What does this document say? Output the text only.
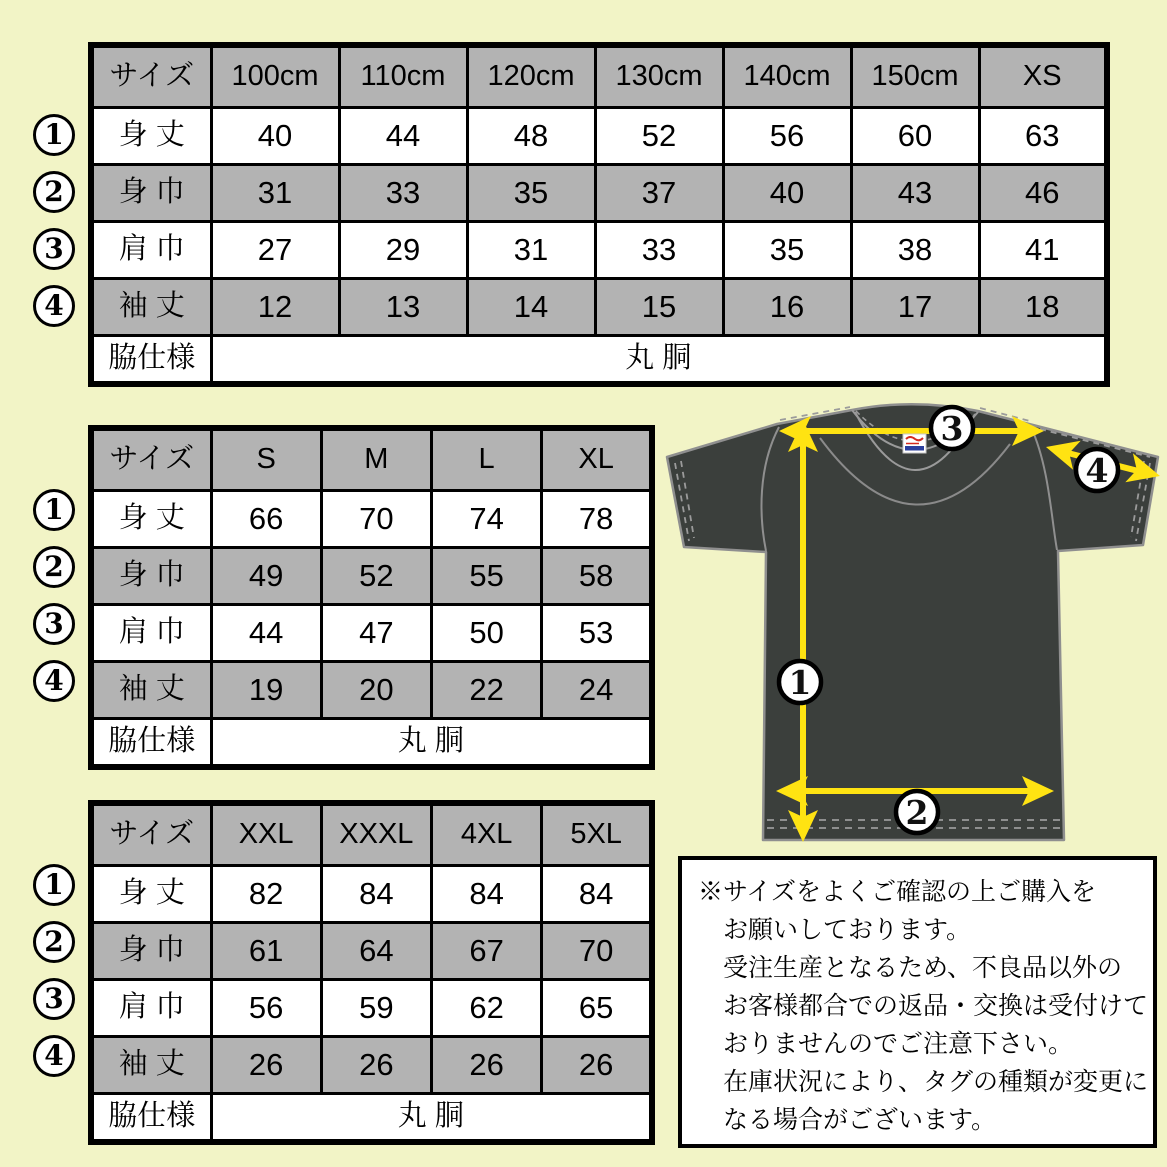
1
2
3
4
1
2
3
4
1
2
3
4
サイズ	100cm	110cm	120cm	130cm	140cm	150cm	XS
身 丈	40	44	48	52	56	60	63
身 巾	31	33	35	37	40	43	46
肩 巾	27	29	31	33	35	38	41
袖 丈	12	13	14	15	16	17	18
脇仕様	丸 胴						
サイズ	S	M	L	XL
身 丈	66	70	74	78
身 巾	49	52	55	58
肩 巾	44	47	50	53
袖 丈	19	20	22	24
脇仕様	丸 胴			
サイズ	XXL	XXXL	4XL	5XL
身 丈	82	84	84	84
身 巾	61	64	67	70
肩 巾	56	59	62	65
袖 丈	26	26	26	26
脇仕様	丸 胴			
1
2
3
4
※サイズをよくご確認の上ご購入を
お願いしております。
受注生産となるため、不良品以外の
お客様都合での返品・交換は受付けて
おりませんのでご注意下さい。
在庫状況により、タグの種類が変更に
なる場合がございます。
